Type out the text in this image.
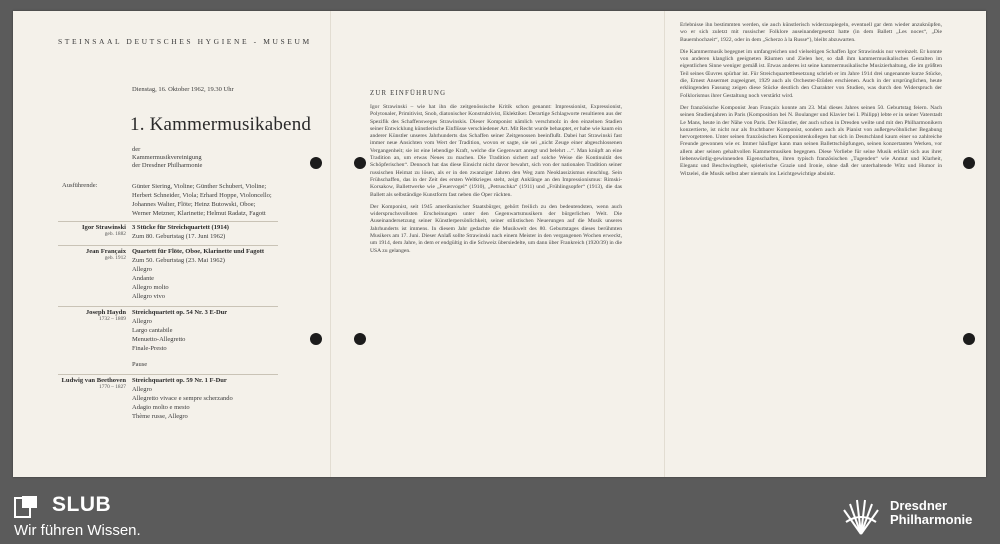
STEINSAAL DEUTSCHES HYGIENE - MUSEUM
Dienstag, 16. Oktober 1962, 19.30 Uhr
1. Kammermusikabend
der
Kammermusikvereinigung
der Dresdner Philharmonie
Ausführende:	Günter Siering, Violine; Günther Schubert, Violine;
Herbert Schneider, Viola; Erhard Hoppe, Violoncello;
Johannes Walter, Flöte; Heinz Butowski, Oboe;
Werner Metzner, Klarinette; Helmut Radatz, Fagott
Igor Strawinski
geb. 1882
3 Stücke für Streichquartett (1914)
Zum 80. Geburtstag (17. Juni 1962)
Jean Françaix
geb. 1912
Quartett für Flöte, Oboe, Klarinette und Fagott
Zum 50. Geburtstag (23. Mai 1962)
Allegro
Andante
Allegro molto
Allegro vivo
Joseph Haydn
1732 – 1809
Streichquartett op. 54 Nr. 3 E-Dur
Allegro
Largo cantabile
Menuetto-Allegretto
Finale-Presto
Pause
Ludwig van Beethoven
1770 – 1827
Streichquartett op. 59 Nr. 1 F-Dur
Allegro
Allegretto vivace e sempre scherzando
Adagio molto e mesto
Thème russe, Allegro
ZUR EINFÜHRUNG

Igor Strawinski – wie hat ihn die zeitgenössische Kritik schon genannt: Impressionist, Expressionist, Polytonaler, Primitivist, Snob, diatonischer Konstruktivist, Eklektiker. Derartige Schlagworte resultieren aus der Spezifik des Schaffensweges Strawinskis. Dieser Komponist nämlich verschmolz in den einzelnen Stadien seiner Entwicklung künstlerische Einflüsse verschiedener Art. Mit Recht wurde behauptet, er habe wie kaum ein anderer Künstler unseres Jahrhunderts das Schaffen seiner Zeitgenossen beeinflußt. Dabei hat Strawinski fast immer neue Ansichten vom Wert der Tradition, wovon er sagte, sie sei „nicht Zeuge einer abgeschlossenen Vergangenheit; sie ist eine lebendige Kraft, welche die Gegenwart anregt und belehrt ...“. Man knüpft an eine Tradition an, um etwas Neues zu machen. Die Tradition sichert auf solche Weise die Kontinuität des Schöpferischen“. Dennoch hat das diese Einsicht nicht davor bewahrt, sich von der nationalen Tradition seiner russischen Heimat zu lösen, als er in den zwanziger Jahren den Weg zum Neoklassizismus einschlug. Sein Frühschaffen, das in der Zeit des ersten Weltkrieges steht, zeigt Anklänge an den Impressionismus: Rimski-Korsakow, Ballettwerke wie „Feuervogel“ (1910), „Petruschka“ (1911) und „Frühlingsopfer“ (1913), die das Ballett als selbständige Kunstform fast neben die Oper rückten.

Der Komponist, seit 1945 amerikanischer Staatsbürger, gehört freilich zu den bedeutendsten, wenn auch widerspruchsvollsten Erscheinungen unter den Gegenwartsmusikern der bürgerlichen Welt. Die Auseinandersetzung seiner Künstlerpersönlichkeit, seiner stilistischen Neuerungen auf die Musik unseres Jahrhunderts ist immens. In diesem Jahr gedachte die Musikwelt des 80. Geburtstages dieses berühmten Musikers am 17. Juni. Dieser Anlaß sollte Strawinski nach einem Meister in den vergangenen Wochen erweckt, um 1914, dem Jahre, in dem er endgültig in die Schweiz übersiedelte, um dann über Frankreich (1920/39) in die USA zu gelangen.

Erlebnisse ihn bestimmten werden, sie auch künstlerisch widerzuspiegeln, eventuell gar dem wieder anzuknüpfen, wo er sich zuletzt mit russischer Folklore auseinandergesetzt hatte (in dem Ballett „Les noces“, „Die Bauernhochzeit“, 1922, oder in dem „Scherzo à la Russe“), bleibt abzuwarten.

Die Kammermusik begegnet im umfangreichen und vielseitigen Schaffen Igor Strawinskis nur vereinzelt. Er konnte von anderen klanglich geeigneten Räumen und Zielen her, so daß ihm kammermusikalisches Gestalten im eigentlichen Sinne weniger gemäß ist. Etwas anderes ist seine kammermusikalische Musizierhaltung, die im größten Teil seines Œuvres spürbar ist. Für Streichquartettbesetzung schrieb er im Jahre 1914 drei ungenannte kurze Stücke, die, Ernest Ansermet zugeeignet, 1929 auch als Orchester-Etüden erschienen. Auch in der ursprünglichen, heute erklingenden Fassung zeigen diese Stücke deutlich den Charakter von Studien, was durch den Widerspruch der Folklorismus ihrer Gestaltung noch verstärkt wird.

Der französische Komponist Jean Françaix konnte am 23. Mai dieses Jahres seinen 50. Geburtstag feiern. Nach seinen Studienjahren in Paris (Komposition bei N. Boulanger und Klavier bei I. Philipp) lebte er in seiner Vaterstadt Le Mans, heute in der Nähe von Paris. Der Künstler, der auch schon in Dresden weilte und mit den Philharmonikern konzertierte, ist nicht nur als fruchtbarer Komponist, sondern auch als Pianist von außergewöhnlicher Begabung hervorgetreten. Unter seinen französischen Komponistenkollegen hat sich in Deutschland kaum einer so zahlreiche Freunde gewonnen wie er. Immer häufiger kann man seinen Ballettschöpfungen, seinen konzertanten Werken, vor allem aber seinen gehaltvollen Kammermusiken begegnen. Diese Vorliebe für seine Musik erklärt sich aus ihrer liebenswürdig-gewinnenden Eigenschaften, ihren typisch französischen „Tugenden“ wie Anmut und Klarheit, Eleganz und Beschwingtheit, spielerische Grazie und Ironie, ohne daß der unterhaltende Witz und Humor in Witzelei, die Musik selbst aber niemals ins Leichtgewichtige absinkt.

SLUB
Wir führen Wissen.
Dresdner
Philharmonie
